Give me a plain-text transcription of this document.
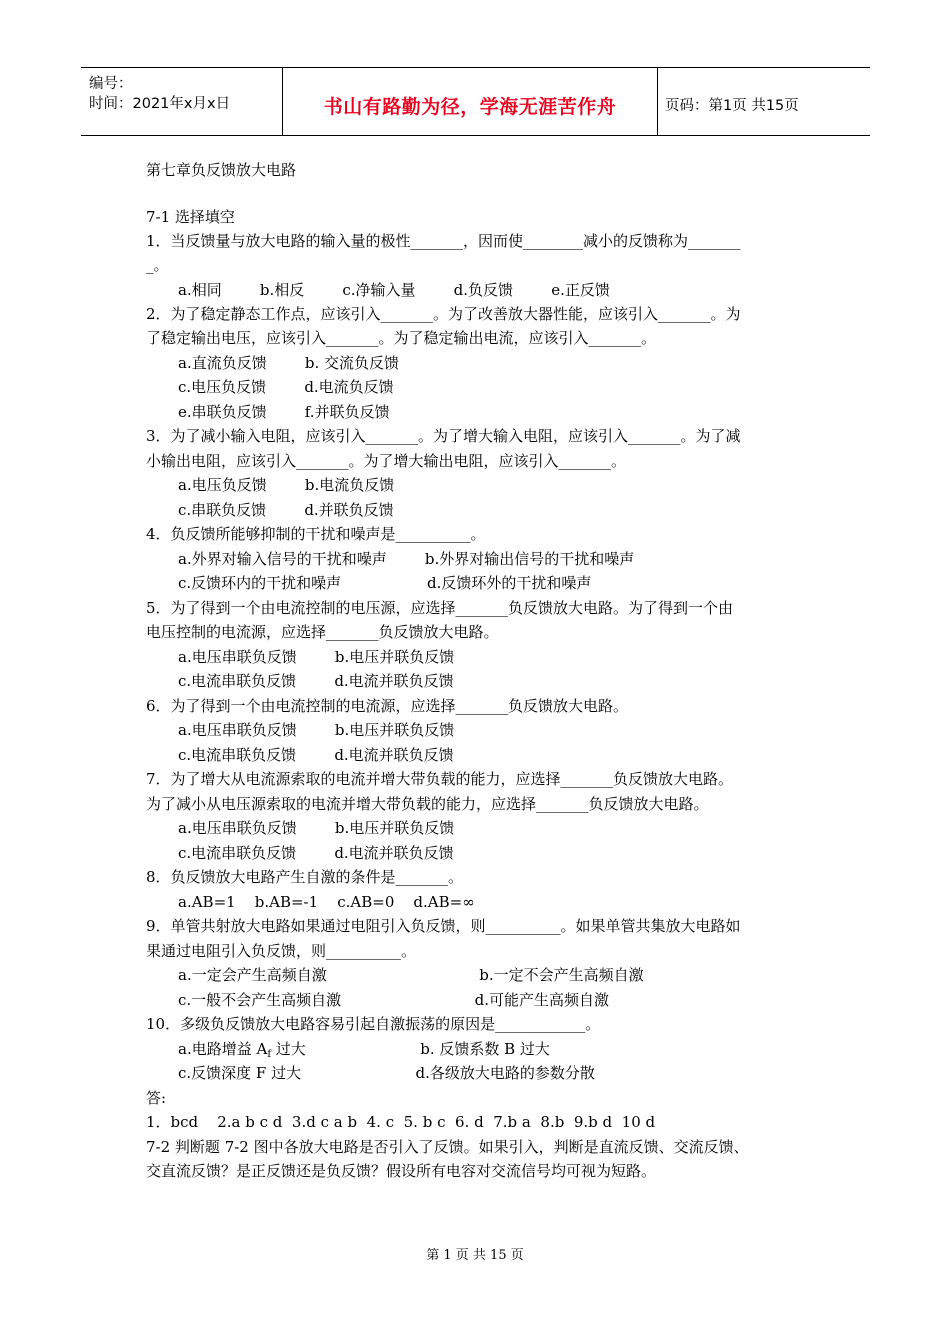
编号：
时间：2021年x月x日	书山有路勤为径，学海无涯苦作舟	页码：第1页 共15页
第七章负反馈放大电路
7-1 选择填空
1．当反馈量与放大电路的输入量的极性_______，因而使________减小的反馈称为_______
_。
a.相同        b.相反        c.净输入量        d.负反馈        e.正反馈
2．为了稳定静态工作点，应该引入_______。为了改善放大器性能，应该引入_______。为
了稳定输出电压，应该引入_______。为了稳定输出电流，应该引入_______。
a.直流负反馈        b. 交流负反馈
c.电压负反馈        d.电流负反馈
e.串联负反馈        f.并联负反馈
3．为了减小输入电阻，应该引入_______。为了增大输入电阻，应该引入_______。为了减
小输出电阻，应该引入_______。为了增大输出电阻，应该引入_______。
a.电压负反馈        b.电流负反馈
c.串联负反馈        d.并联负反馈
4．负反馈所能够抑制的干扰和噪声是__________。
a.外界对输入信号的干扰和噪声        b.外界对输出信号的干扰和噪声
c.反馈环内的干扰和噪声                  d.反馈环外的干扰和噪声
5．为了得到一个由电流控制的电压源，应选择_______负反馈放大电路。为了得到一个由
电压控制的电流源，应选择_______负反馈放大电路。
a.电压串联负反馈        b.电压并联负反馈
c.电流串联负反馈        d.电流并联负反馈
6．为了得到一个由电流控制的电流源，应选择_______负反馈放大电路。
a.电压串联负反馈        b.电压并联负反馈
c.电流串联负反馈        d.电流并联负反馈
7．为了增大从电流源索取的电流并增大带负载的能力，应选择_______负反馈放大电路。
为了减小从电压源索取的电流并增大带负载的能力，应选择_______负反馈放大电路。
a.电压串联负反馈        b.电压并联负反馈
c.电流串联负反馈        d.电流并联负反馈
8．负反馈放大电路产生自激的条件是_______。
a.AB=1    b.AB=-1    c.AB=0    d.AB=∞
9．单管共射放大电路如果通过电阻引入负反馈，则__________。如果单管共集放大电路如
果通过电阻引入负反馈，则__________。
a.一定会产生高频自激                                b.一定不会产生高频自激
c.一般不会产生高频自激                            d.可能产生高频自激
10．多级负反馈放大电路容易引起自激振荡的原因是____________。
a.电路增益 $A_f$ 过大                        b. 反馈系数 B 过大
c.反馈深度 F 过大                        d.各级放大电路的参数分散
答:
1．bcd    2.a b c d  3.d c a b  4. c  5. b c  6. d  7.b a  8.b  9.b d  10 d
7-2 判断题 7-2 图中各放大电路是否引入了反馈。如果引入，判断是直流反馈、交流反馈、
交直流反馈？是正反馈还是负反馈？假设所有电容对交流信号均可视为短路。
第 1 页 共 15 页
